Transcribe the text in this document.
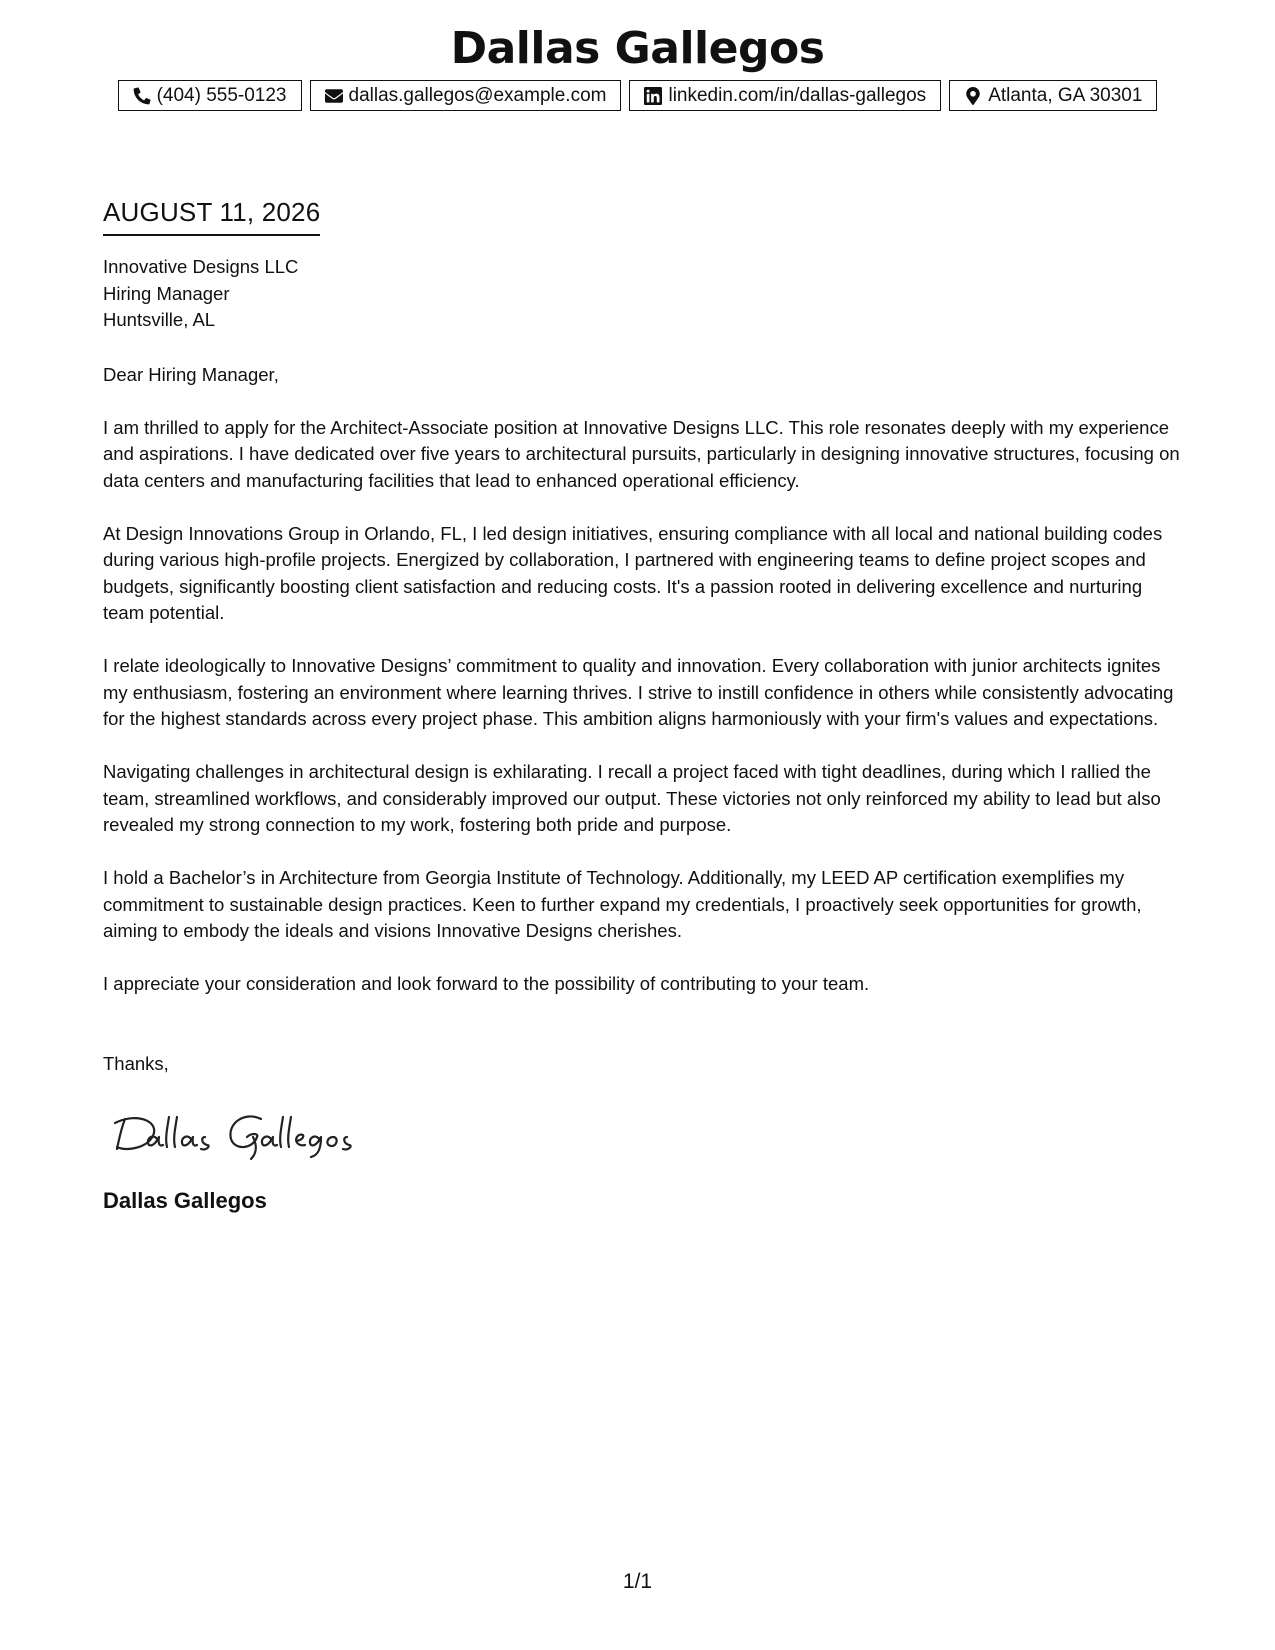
Dallas Gallegos
(404) 555-0123	dallas.gallegos@example.com	linkedin.com/in/dallas-gallegos	Atlanta, GA 30301
AUGUST 11, 2026
Innovative Designs LLC
Hiring Manager
Huntsville, AL

Dear Hiring Manager,

I am thrilled to apply for the Architect-Associate position at Innovative Designs LLC. This role resonates deeply with my experience and aspirations. I have dedicated over five years to architectural pursuits, particularly in designing innovative structures, focusing on data centers and manufacturing facilities that lead to enhanced operational efficiency.

At Design Innovations Group in Orlando, FL, I led design initiatives, ensuring compliance with all local and national building codes during various high-profile projects. Energized by collaboration, I partnered with engineering teams to define project scopes and budgets, significantly boosting client satisfaction and reducing costs. It's a passion rooted in delivering excellence and nurturing team potential.

I relate ideologically to Innovative Designs’ commitment to quality and innovation. Every collaboration with junior architects ignites my enthusiasm, fostering an environment where learning thrives. I strive to instill confidence in others while consistently advocating for the highest standards across every project phase. This ambition aligns harmoniously with your firm's values and expectations.

Navigating challenges in architectural design is exhilarating. I recall a project faced with tight deadlines, during which I rallied the team, streamlined workflows, and considerably improved our output. These victories not only reinforced my ability to lead but also revealed my strong connection to my work, fostering both pride and purpose.

I hold a Bachelor’s in Architecture from Georgia Institute of Technology. Additionally, my LEED AP certification exemplifies my commitment to sustainable design practices. Keen to further expand my credentials, I proactively seek opportunities for growth, aiming to embody the ideals and visions Innovative Designs cherishes.

I appreciate your consideration and look forward to the possibility of contributing to your team.

Thanks,

Dallas Gallegos
1/1
